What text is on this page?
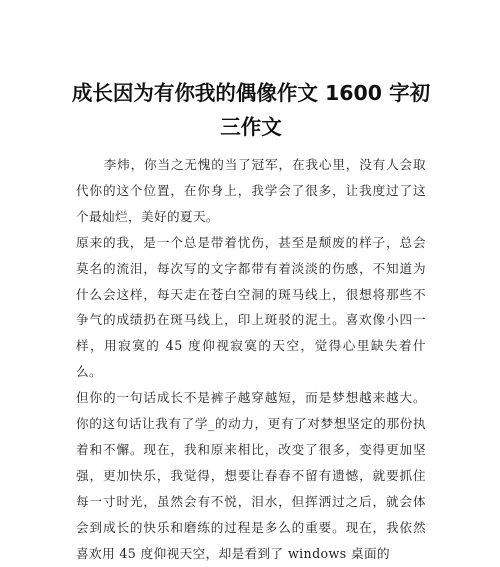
成长因为有你我的偶像作文 1600 字初三作文

李炜，你当之无愧的当了冠军，在我心里，没有人会取代你的这个位置，在你身上，我学会了很多，让我度过了这个最灿烂，美好的夏天。

原来的我，是一个总是带着忧伤，甚至是颓废的样子，总会莫名的流泪，每次写的文字都带有着淡淡的伤感，不知道为什么会这样，每天走在苍白空洞的斑马线上，很想将那些不争气的成绩扔在斑马线上，印上斑驳的泥土。喜欢像小四一样，用寂寞的 45 度仰视寂寞的天空，觉得心里缺失着什么。

但你的一句话成长不是裤子越穿越短，而是梦想越来越大。你的这句话让我有了学_的动力，更有了对梦想坚定的那份执着和不懈。现在，我和原来相比，改变了很多，变得更加坚强，更加快乐，我觉得，想要让春春不留有遗憾，就要抓住每一寸时光，虽然会有不悦，泪水，但挥洒过之后，就会体会到成长的快乐和磨练的过程是多么的重要。现在，我依然喜欢用 45 度仰视天空，却是看到了 windows 桌面的
